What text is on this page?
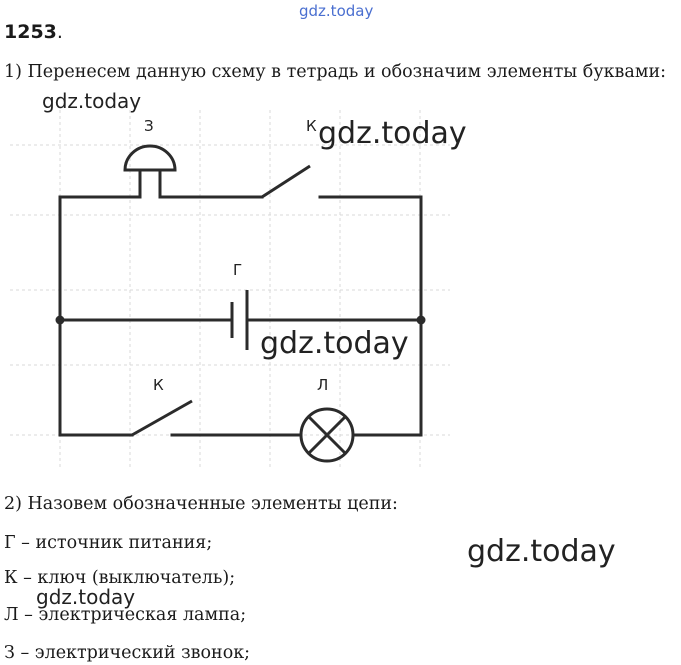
gdz.today
1253.
1) Перенесем данную схему в тетрадь и обозначим элементы буквами:
З	К
Г
К	Л
gdz.today
gdz.today
gdz.today
2) Назовем обозначенные элементы цепи:
Г – источник питания;
К – ключ (выключатель);
Л – электрическая лампа;
З – электрический звонок;
gdz.today
gdz.today
